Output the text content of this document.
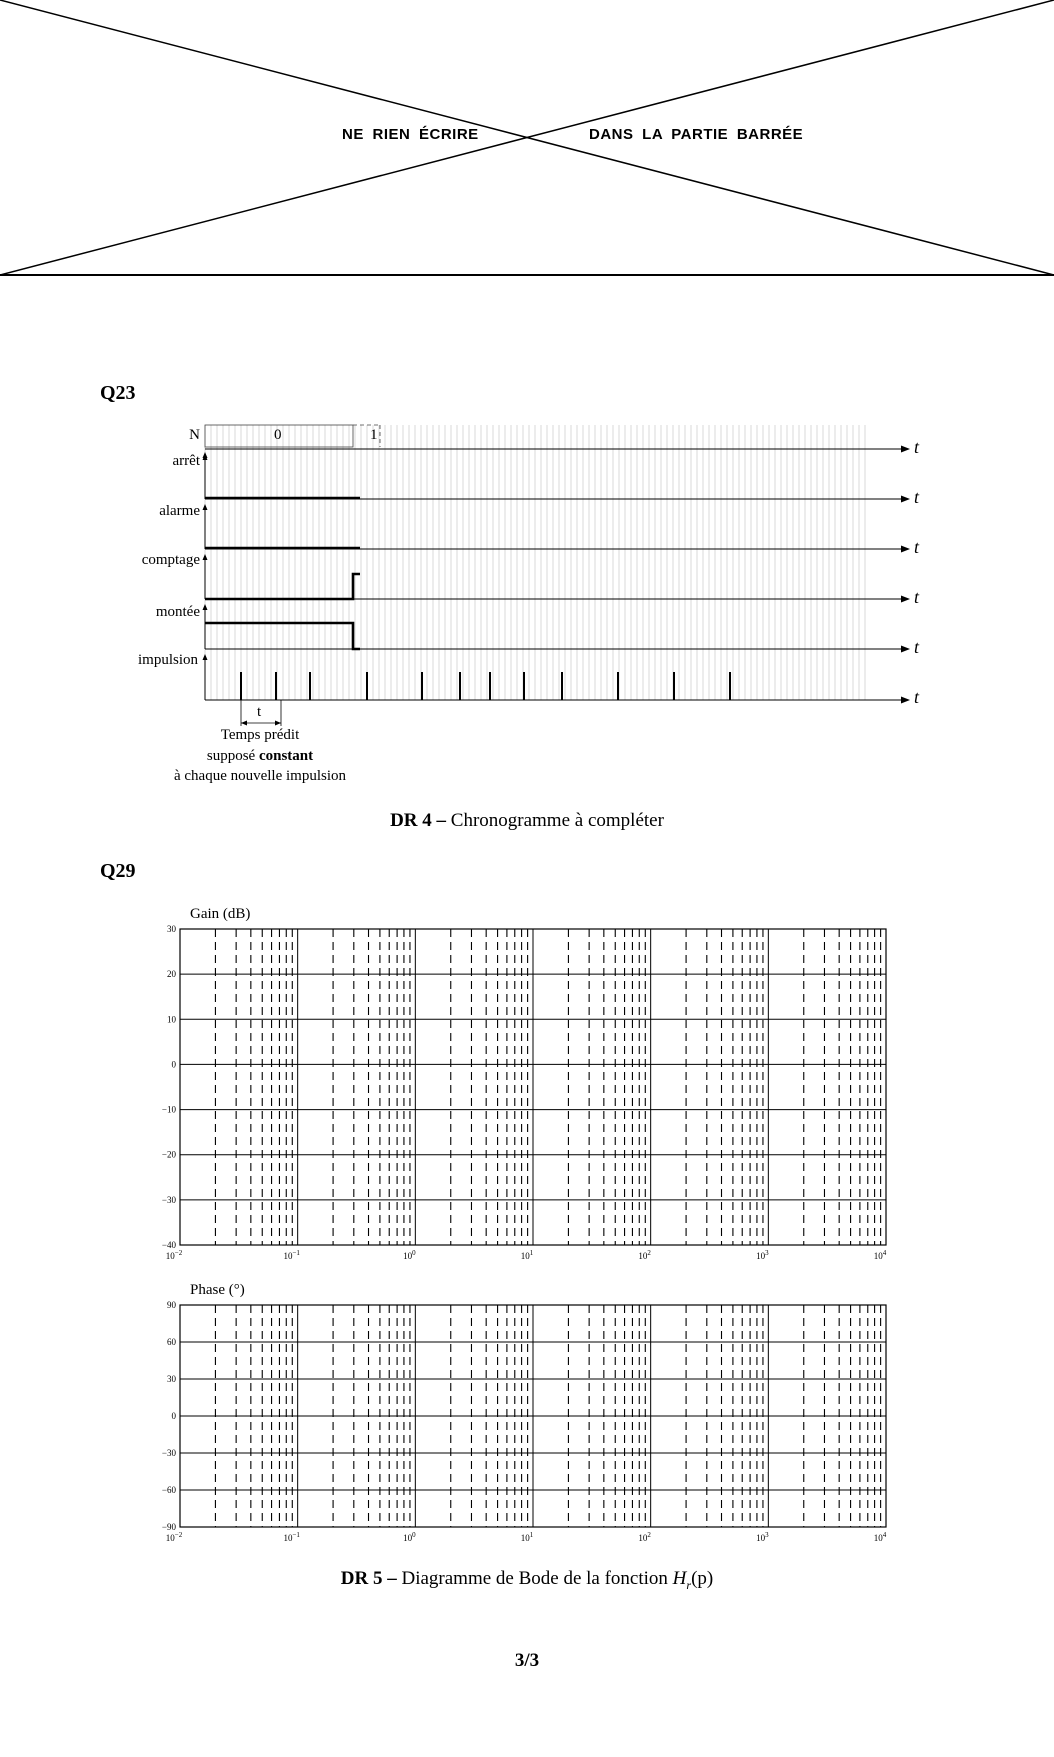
NE RIEN ÉCRIRE	DANS LA PARTIE BARRÉE
Q23
N
arrêt
alarme
comptage
montée
impulsion
0	1
t
t
t
t
t
t
t
Temps prédit
supposé constant
à chaque nouvelle impulsion
DR 4 – Chronogramme à compléter
Q29
30
20
10
0
−10
−20
−30
−40
$10^{-2}$	$10^{-1}$	$10^0$	$10^1$	$10^2$	$10^3$	$10^4$
90
60
30
0
−30
−60
−90
$10^{-2}$	$10^{-1}$	$10^0$	$10^1$	$10^2$	$10^3$	$10^4$
Gain (dB)
Phase (°)
DR 5 – Diagramme de Bode de la fonction $H_r(p)$
3/3
